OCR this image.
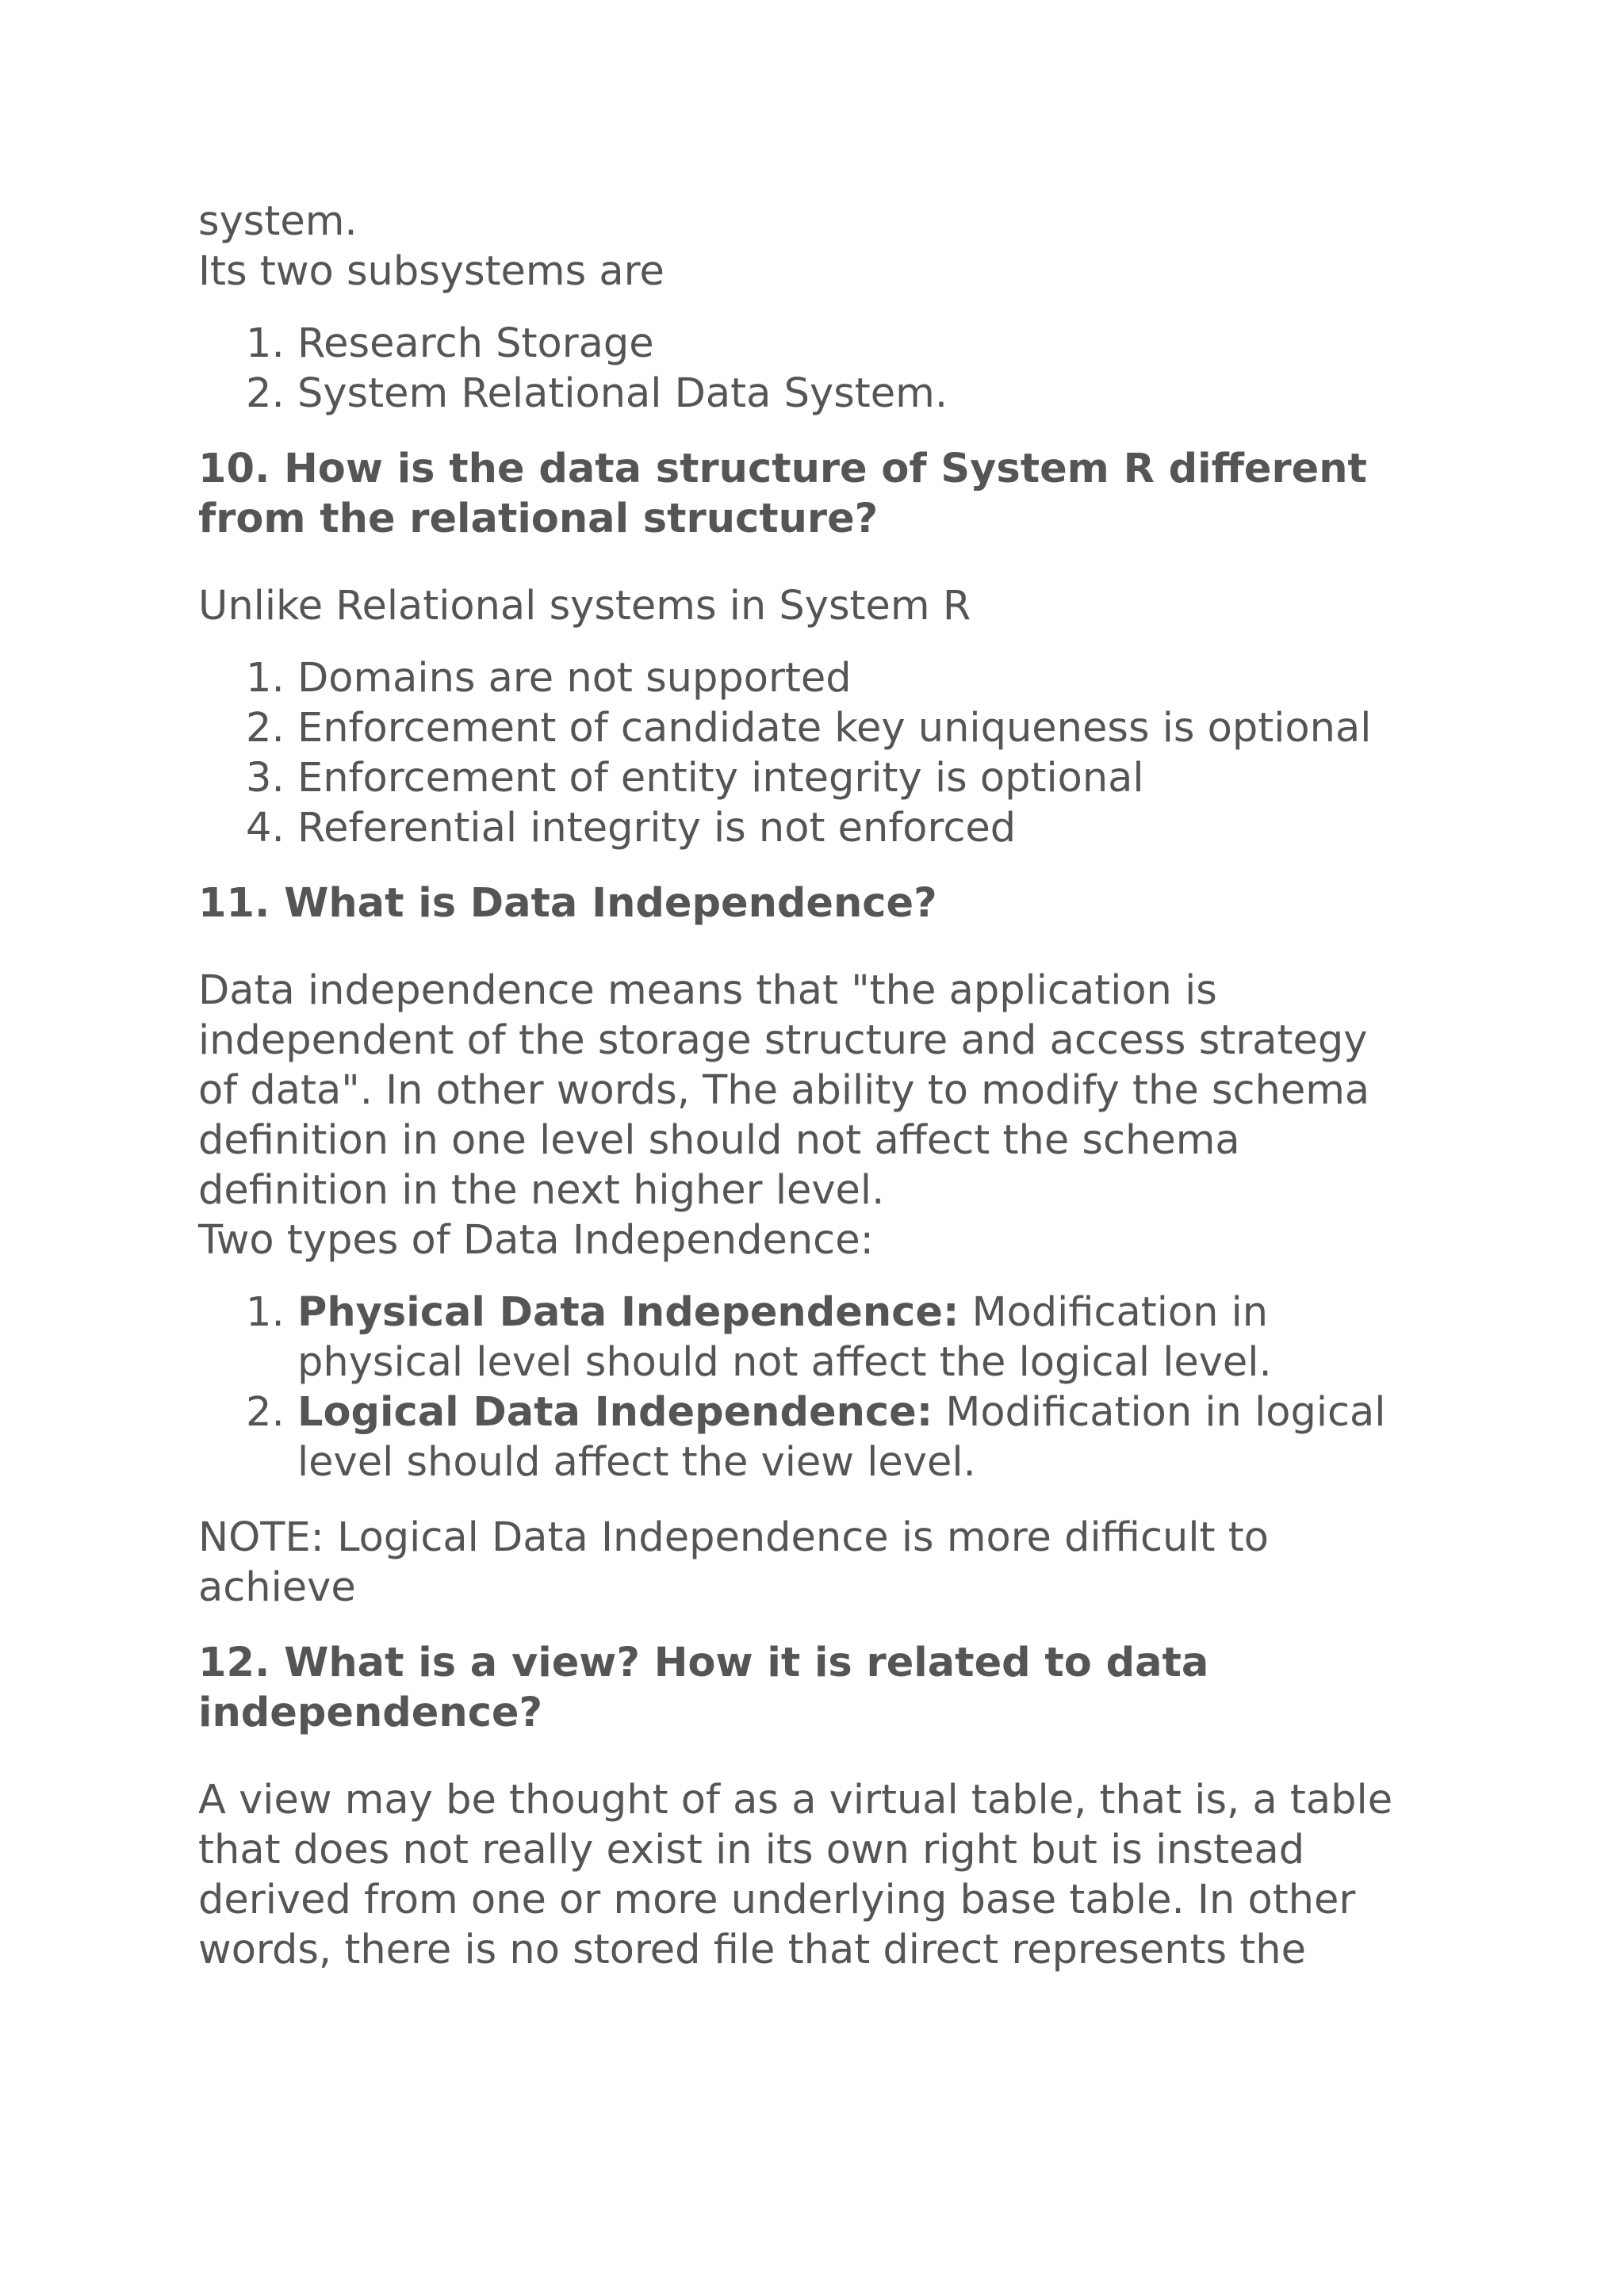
system.

Its two subsystems are

1. Research Storage
2. System Relational Data System.

10. How is the data structure of System R different

from the relational structure?

Unlike Relational systems in System R

1. Domains are not supported
2. Enforcement of candidate key uniqueness is optional
3. Enforcement of entity integrity is optional
4. Referential integrity is not enforced

11. What is Data Independence?

Data independence means that "the application is

independent of the storage structure and access strategy

of data". In other words, The ability to modify the schema

definition in one level should not affect the schema

definition in the next higher level.

Two types of Data Independence:

1. Physical Data Independence: Modification in
physical level should not affect the logical level.
2. Logical Data Independence: Modification in logical
level should affect the view level.

NOTE: Logical Data Independence is more difficult to

achieve

12. What is a view? How it is related to data

independence?

A view may be thought of as a virtual table, that is, a table

that does not really exist in its own right but is instead

derived from one or more underlying base table. In other

words, there is no stored file that direct represents the
